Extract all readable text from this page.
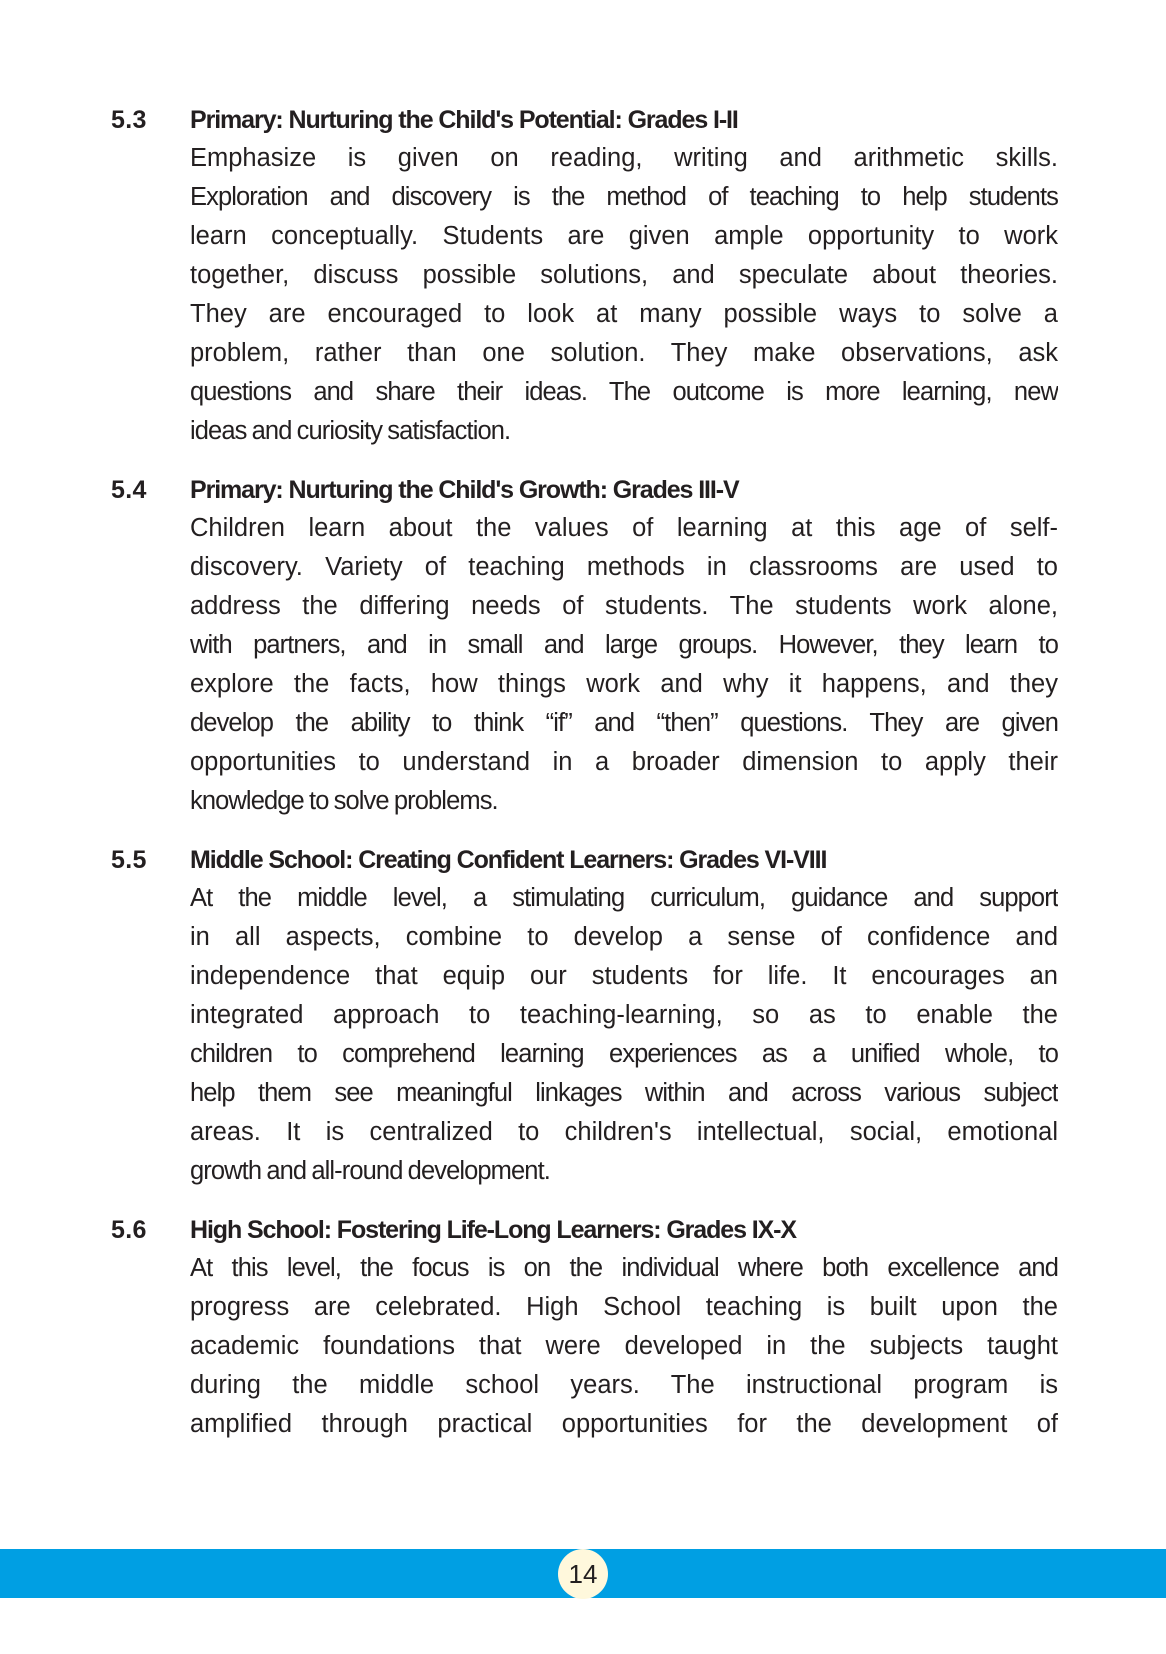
5.3 Primary: Nurturing the Child's Potential: Grades I-II
Emphasize is given on reading, writing and arithmetic skills.
Exploration and discovery is the method of teaching to help students
learn conceptually. Students are given ample opportunity to work
together, discuss possible solutions, and speculate about theories.
They are encouraged to look at many possible ways to solve a
problem, rather than one solution. They make observations, ask
questions and share their ideas. The outcome is more learning, new
ideas and curiosity satisfaction.
5.4 Primary: Nurturing the Child's Growth: Grades III-V
Children learn about the values of learning at this age of self-
discovery. Variety of teaching methods in classrooms are used to
address the differing needs of students. The students work alone,
with partners, and in small and large groups. However, they learn to
explore the facts, how things work and why it happens, and they
develop the ability to think “if” and “then” questions. They are given
opportunities to understand in a broader dimension to apply their
knowledge to solve problems.
5.5 Middle School: Creating Confident Learners: Grades VI-VIII
At the middle level, a stimulating curriculum, guidance and support
in all aspects, combine to develop a sense of confidence and
independence that equip our students for life. It encourages an
integrated approach to teaching-learning, so as to enable the
children to comprehend learning experiences as a unified whole, to
help them see meaningful linkages within and across various subject
areas. It is centralized to children's intellectual, social, emotional
growth and all-round development.
5.6 High School: Fostering Life-Long Learners: Grades IX-X
At this level, the focus is on the individual where both excellence and
progress are celebrated. High School teaching is built upon the
academic foundations that were developed in the subjects taught
during the middle school years. The instructional program is
amplified through practical opportunities for the development of
14
